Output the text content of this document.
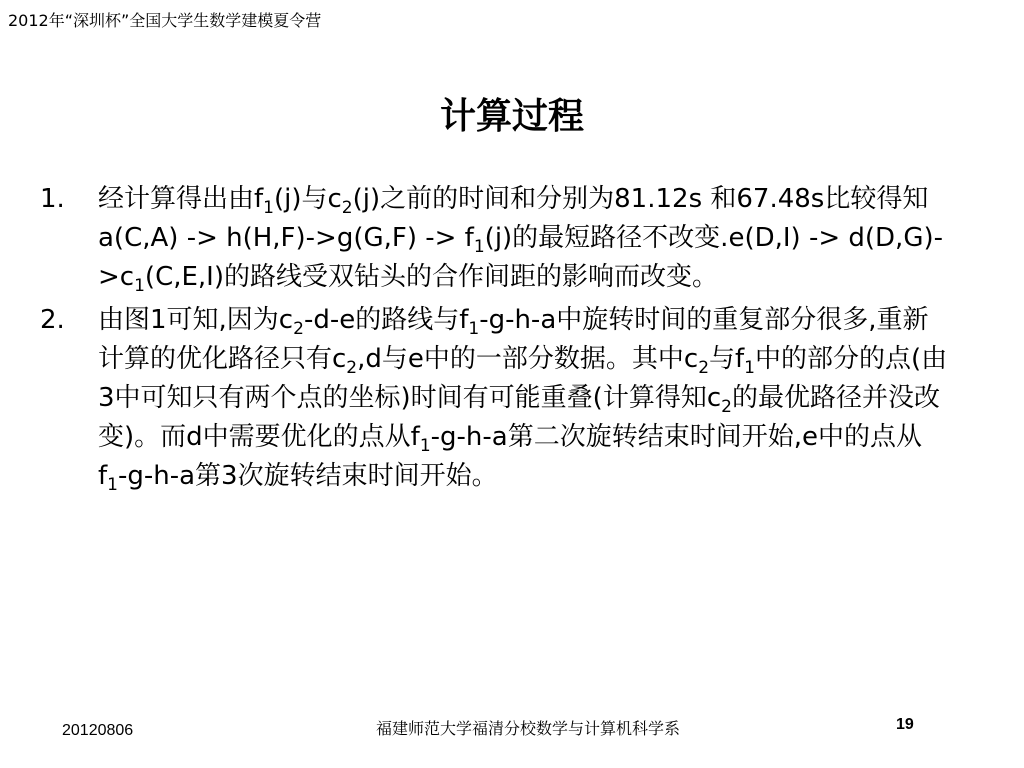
2012年“深圳杯”全国大学生数学建模夏令营
计算过程
1.	经计算得出由$f_1(j)$与$c_2(j)$之前的时间和分别为81.12s 和67.48s比较得知$a(C,A) -> h(H,F)->g(G,F) -> f_1(j)$的最短路径不改变$.e(D,I) -> d(D,G)->c_1(C,E,I)$的路线受双钻头的合作间距的影响而改变。
2.	由图1可知,因为$c_2-d-e$的路线与$f_1-g-h-a$中旋转时间的重复部分很多,重新计算的优化路径只有$c_2,d$与e中的一部分数据。其中$c_2$与$f_1$中的部分的点(由3中可知只有两个点的坐标)时间有可能重叠(计算得知$c_2$的最优路径并没改变)。而d中需要优化的点从$f_1-g-h-a$第二次旋转结束时间开始,e中的点从$f_1-g-h-a$第3次旋转结束时间开始。
20120806	福建师范大学福清分校数学与计算机科学系	19
